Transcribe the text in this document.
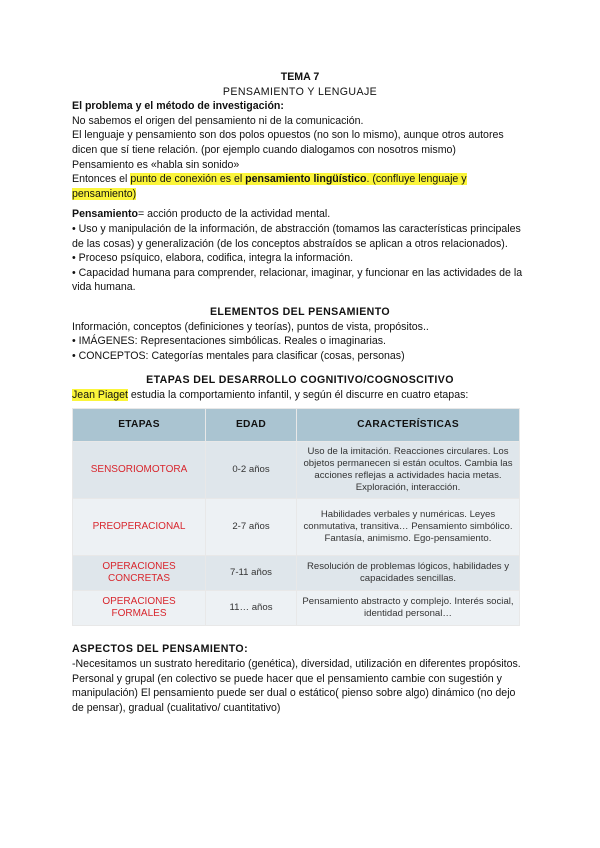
TEMA 7

PENSAMIENTO Y LENGUAJE

El problema y el método de investigación:

No sabemos el origen del pensamiento ni de la comunicación.

El lenguaje y pensamiento son dos polos opuestos (no son lo mismo), aunque otros autores dicen que sí tiene relación. (por ejemplo cuando dialogamos con nosotros mismo)

Pensamiento es «habla sin sonido»

Entonces el punto de conexión es el pensamiento lingüístico. (confluye lenguaje y pensamiento)

Pensamiento= acción producto de la actividad mental.

• Uso y manipulación de la información, de abstracción (tomamos las características principales de las cosas) y generalización (de los conceptos abstraídos se aplican a otros relacionados).

• Proceso psíquico, elabora, codifica, integra la información.

• Capacidad humana para comprender, relacionar, imaginar, y funcionar en las actividades de la vida humana.

ELEMENTOS DEL PENSAMIENTO

Información, conceptos (definiciones y teorías), puntos de vista, propósitos..

• IMÁGENES: Representaciones simbólicas. Reales o imaginarias.

• CONCEPTOS: Categorías mentales para clasificar (cosas, personas)

ETAPAS DEL DESARROLLO COGNITIVO/COGNOSCITIVO

Jean Piaget estudia la comportamiento infantil, y según él discurre en cuatro etapas:

ETAPAS	EDAD	CARACTERÍSTICAS
SENSORIOMOTORA	0-2 años	Uso de la imitación. Reacciones circulares. Los objetos permanecen si están ocultos. Cambia las acciones reflejas a actividades hacia metas. Exploración, interacción.
PREOPERACIONAL	2-7 años	Habilidades verbales y numéricas. Leyes conmutativa, transitiva… Pensamiento simbólico. Fantasía, animismo. Ego-pensamiento.
OPERACIONES CONCRETAS	7-11 años	Resolución de problemas lógicos, habilidades y capacidades sencillas.
OPERACIONES FORMALES	11… años	Pensamiento abstracto y complejo. Interés social, identidad personal…

ASPECTOS DEL PENSAMIENTO:

-Necesitamos un sustrato hereditario (genética), diversidad, utilización en diferentes propósitos. Personal y grupal (en colectivo se puede hacer que el pensamiento cambie con sugestión y manipulación) El pensamiento puede ser dual o estático( pienso sobre algo) dinámico (no dejo de pensar), gradual (cualitativo/ cuantitativo)
